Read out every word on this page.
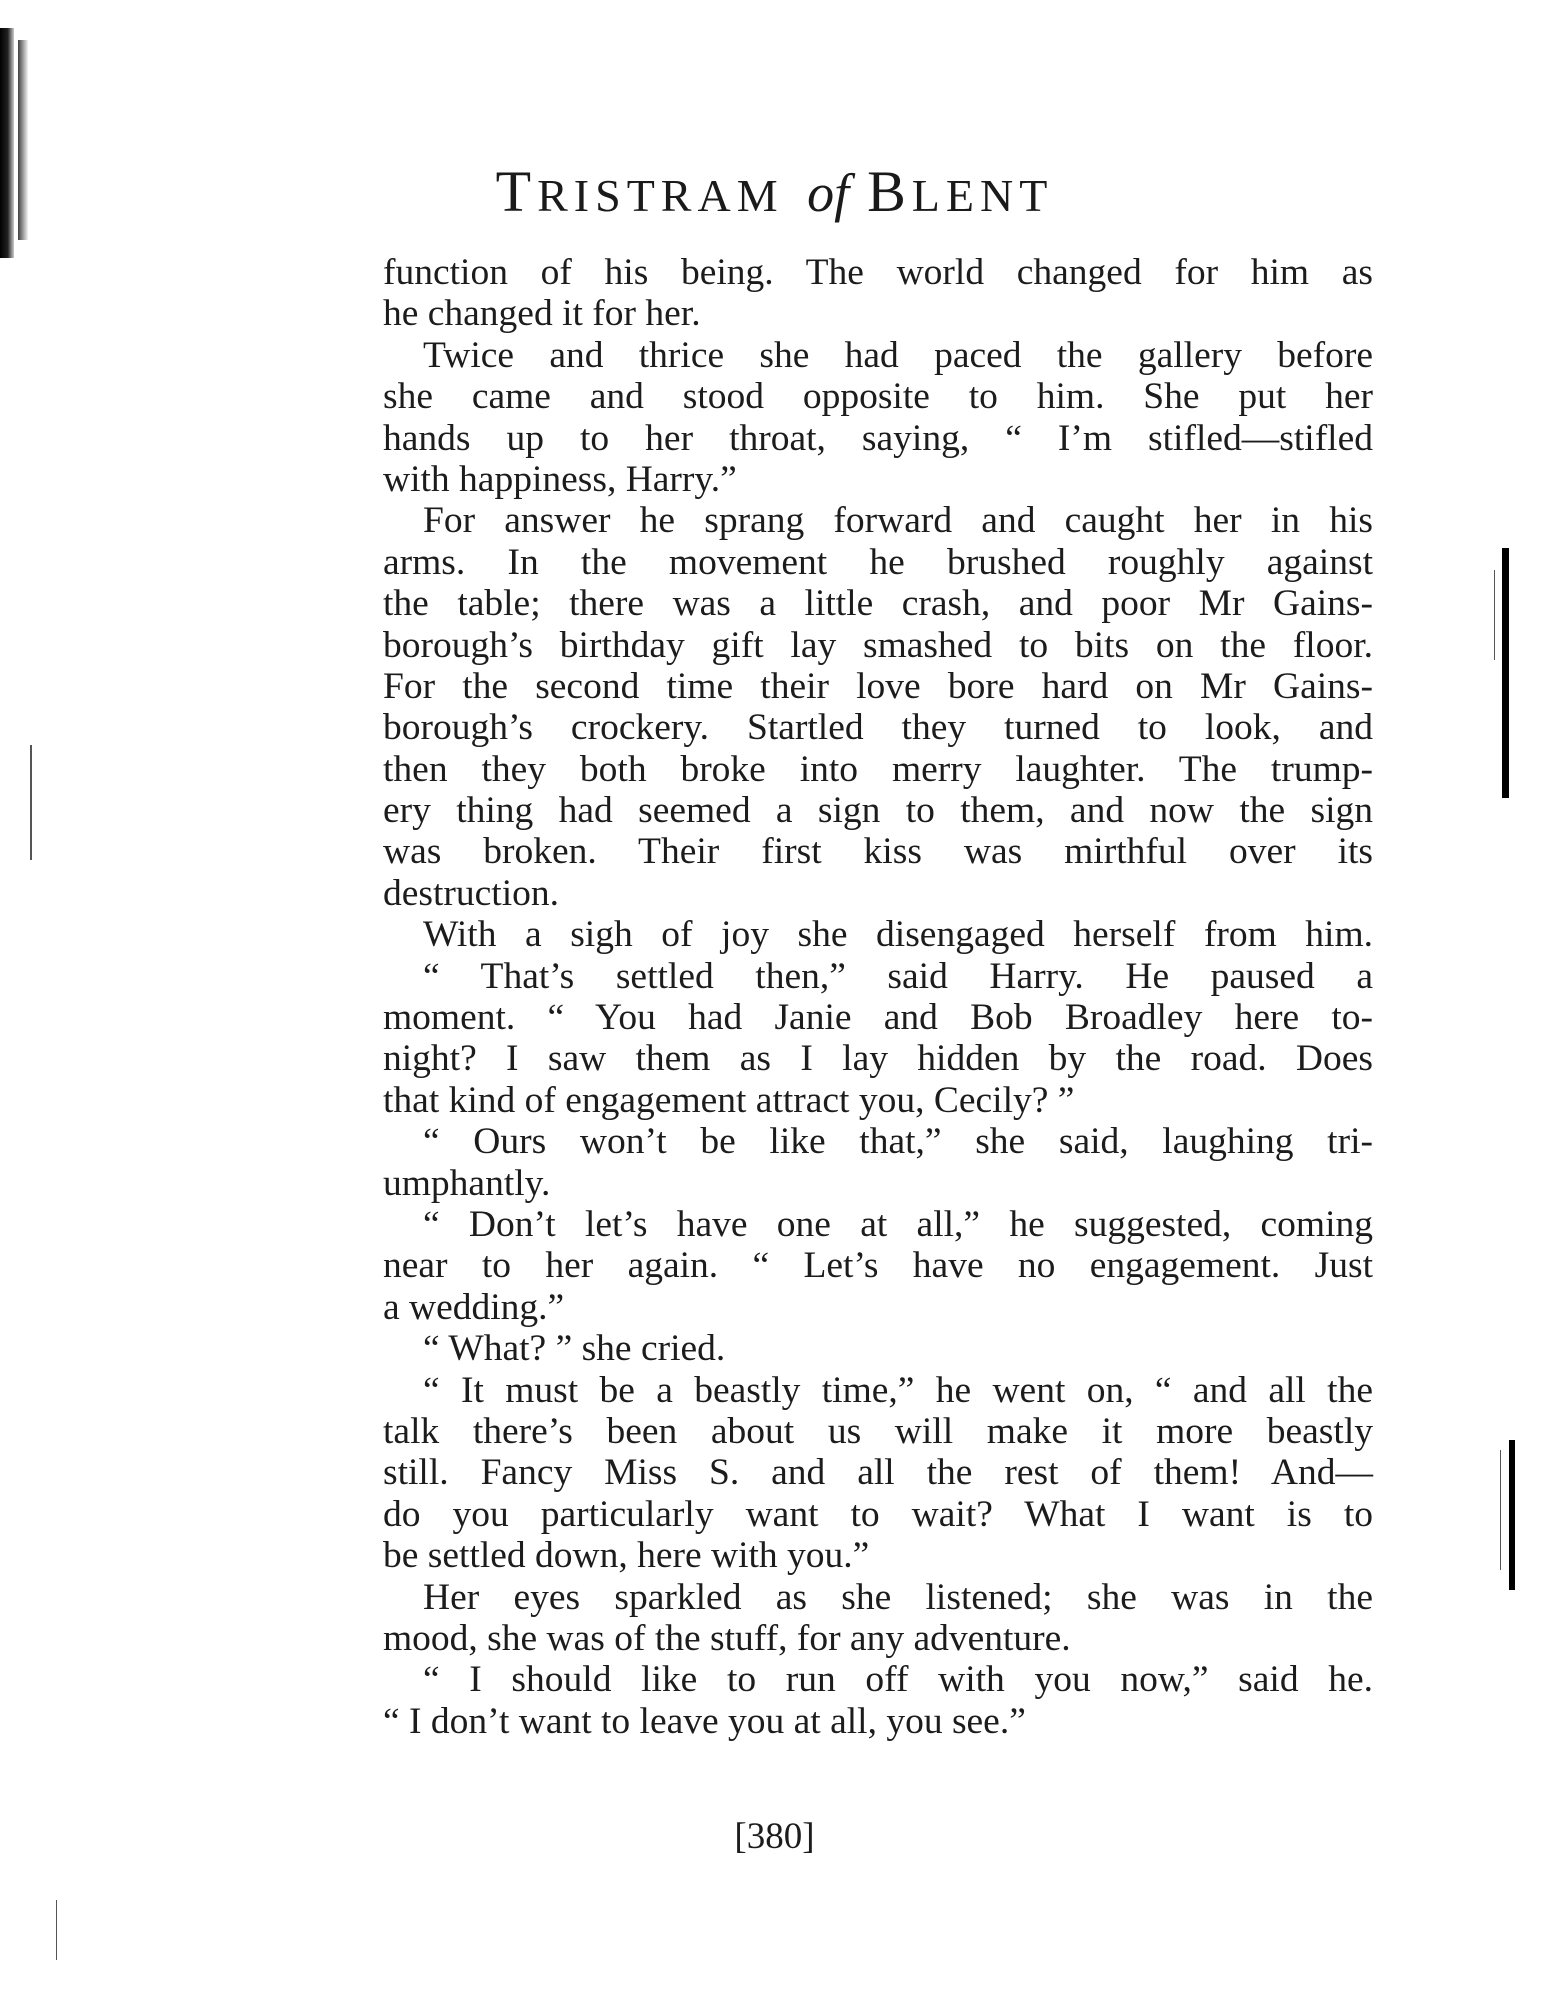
TRISTRAM of BLENT
function of his being. The world changed for him as
he changed it for her.
Twice and thrice she had paced the gallery before
she came and stood opposite to him. She put her
hands up to her throat, saying, “ I’m stifled—stifled
with happiness, Harry.”
For answer he sprang forward and caught her in his
arms. In the movement he brushed roughly against
the table; there was a little crash, and poor Mr Gains-
borough’s birthday gift lay smashed to bits on the floor.
For the second time their love bore hard on Mr Gains-
borough’s crockery. Startled they turned to look, and
then they both broke into merry laughter. The trump-
ery thing had seemed a sign to them, and now the sign
was broken. Their first kiss was mirthful over its
destruction.
With a sigh of joy she disengaged herself from him.
“ That’s settled then,” said Harry. He paused a
moment. “ You had Janie and Bob Broadley here to-
night? I saw them as I lay hidden by the road. Does
that kind of engagement attract you, Cecily? ”
“ Ours won’t be like that,” she said, laughing tri-
umphantly.
“ Don’t let’s have one at all,” he suggested, coming
near to her again. “ Let’s have no engagement. Just
a wedding.”
“ What? ” she cried.
“ It must be a beastly time,” he went on, “ and all the
talk there’s been about us will make it more beastly
still. Fancy Miss S. and all the rest of them! And—
do you particularly want to wait? What I want is to
be settled down, here with you.”
Her eyes sparkled as she listened; she was in the
mood, she was of the stuff, for any adventure.
“ I should like to run off with you now,” said he.
“ I don’t want to leave you at all, you see.”
[380]
